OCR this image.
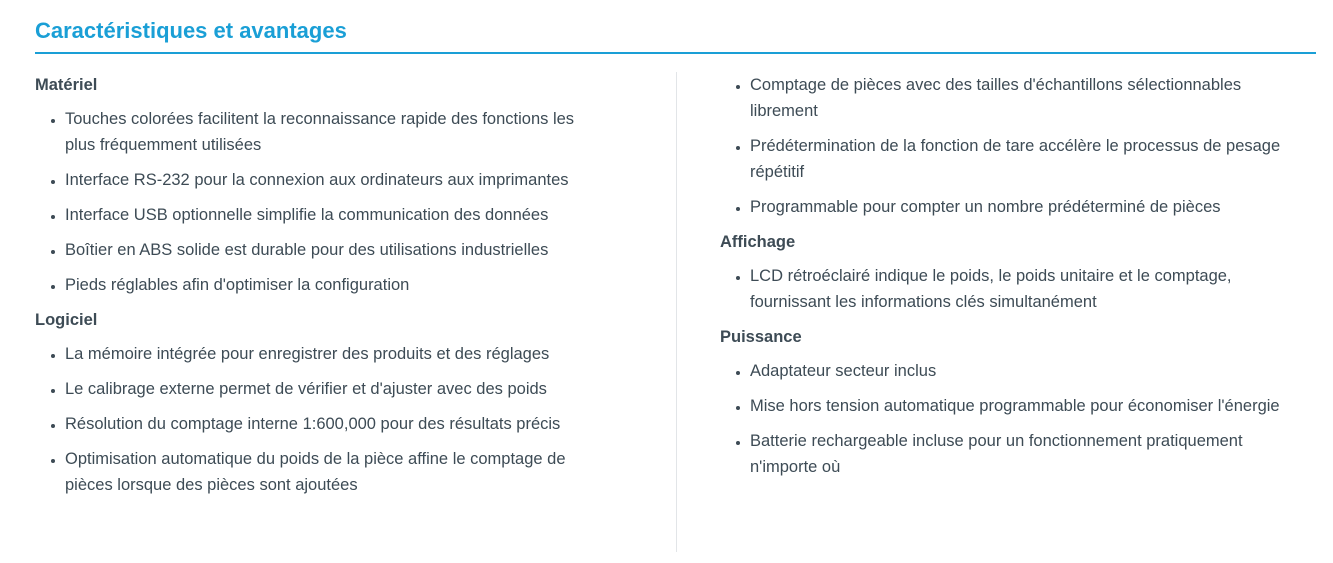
Caractéristiques et avantages
Matériel
• Touches colorées facilitent la reconnaissance rapide des fonctions les plus fréquemment utilisées
• Interface RS-232 pour la connexion aux ordinateurs aux imprimantes
• Interface USB optionnelle simplifie la communication des données
• Boîtier en ABS solide est durable pour des utilisations industrielles
• Pieds réglables afin d'optimiser la configuration
Logiciel
• La mémoire intégrée pour enregistrer des produits et des réglages
• Le calibrage externe permet de vérifier et d'ajuster avec des poids
• Résolution du comptage interne 1:600,000 pour des résultats précis
• Optimisation automatique du poids de la pièce affine le comptage de pièces lorsque des pièces sont ajoutées
• Comptage de pièces avec des tailles d'échantillons sélectionnables librement
• Prédétermination de la fonction de tare accélère le processus de pesage répétitif
• Programmable pour compter un nombre prédéterminé de pièces
Affichage
• LCD rétroéclairé indique le poids, le poids unitaire et le comptage, fournissant les informations clés simultanément
Puissance
• Adaptateur secteur inclus
• Mise hors tension automatique programmable pour économiser l'énergie
• Batterie rechargeable incluse pour un fonctionnement pratiquement n'importe où
